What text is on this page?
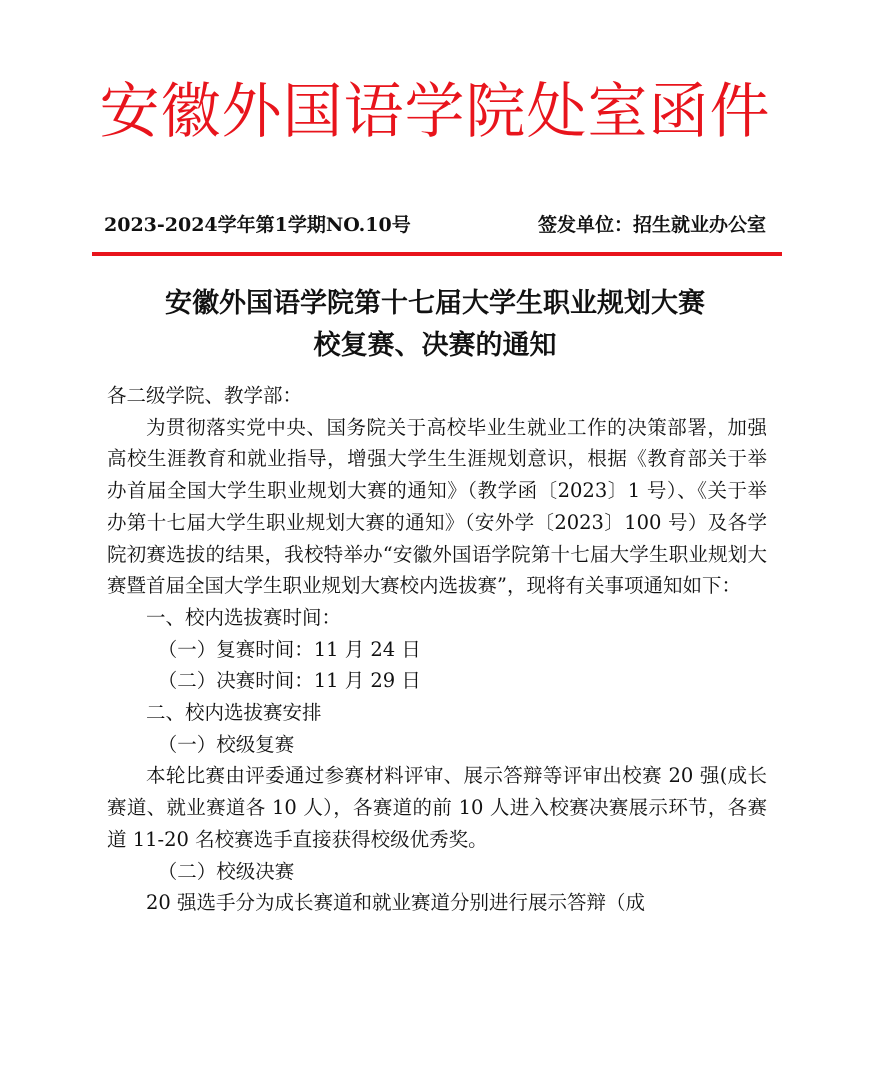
安徽外国语学院处室函件
2023-2024学年第1学期NO.10号	签发单位：招生就业办公室
安徽外国语学院第十七届大学生职业规划大赛
校复赛、决赛的通知

各二级学院、教学部：

为贯彻落实党中央、国务院关于高校毕业生就业工作的决策部署，加强高校生涯教育和就业指导，增强大学生生涯规划意识，根据《教育部关于举办首届全国大学生职业规划大赛的通知》（教学函〔2023〕1 号）、《关于举办第十七届大学生职业规划大赛的通知》（安外学〔2023〕100 号）及各学院初赛选拔的结果，我校特举办“安徽外国语学院第十七届大学生职业规划大赛暨首届全国大学生职业规划大赛校内选拔赛”，现将有关事项通知如下：

一、校内选拔赛时间：

（一）复赛时间：11 月 24 日

（二）决赛时间：11 月 29 日

二、校内选拔赛安排

（一）校级复赛

本轮比赛由评委通过参赛材料评审、展示答辩等评审出校赛 20 强(成长赛道、就业赛道各 10 人），各赛道的前 10 人进入校赛决赛展示环节，各赛道 11-20 名校赛选手直接获得校级优秀奖。

（二）校级决赛

20 强选手分为成长赛道和就业赛道分别进行展示答辩（成
